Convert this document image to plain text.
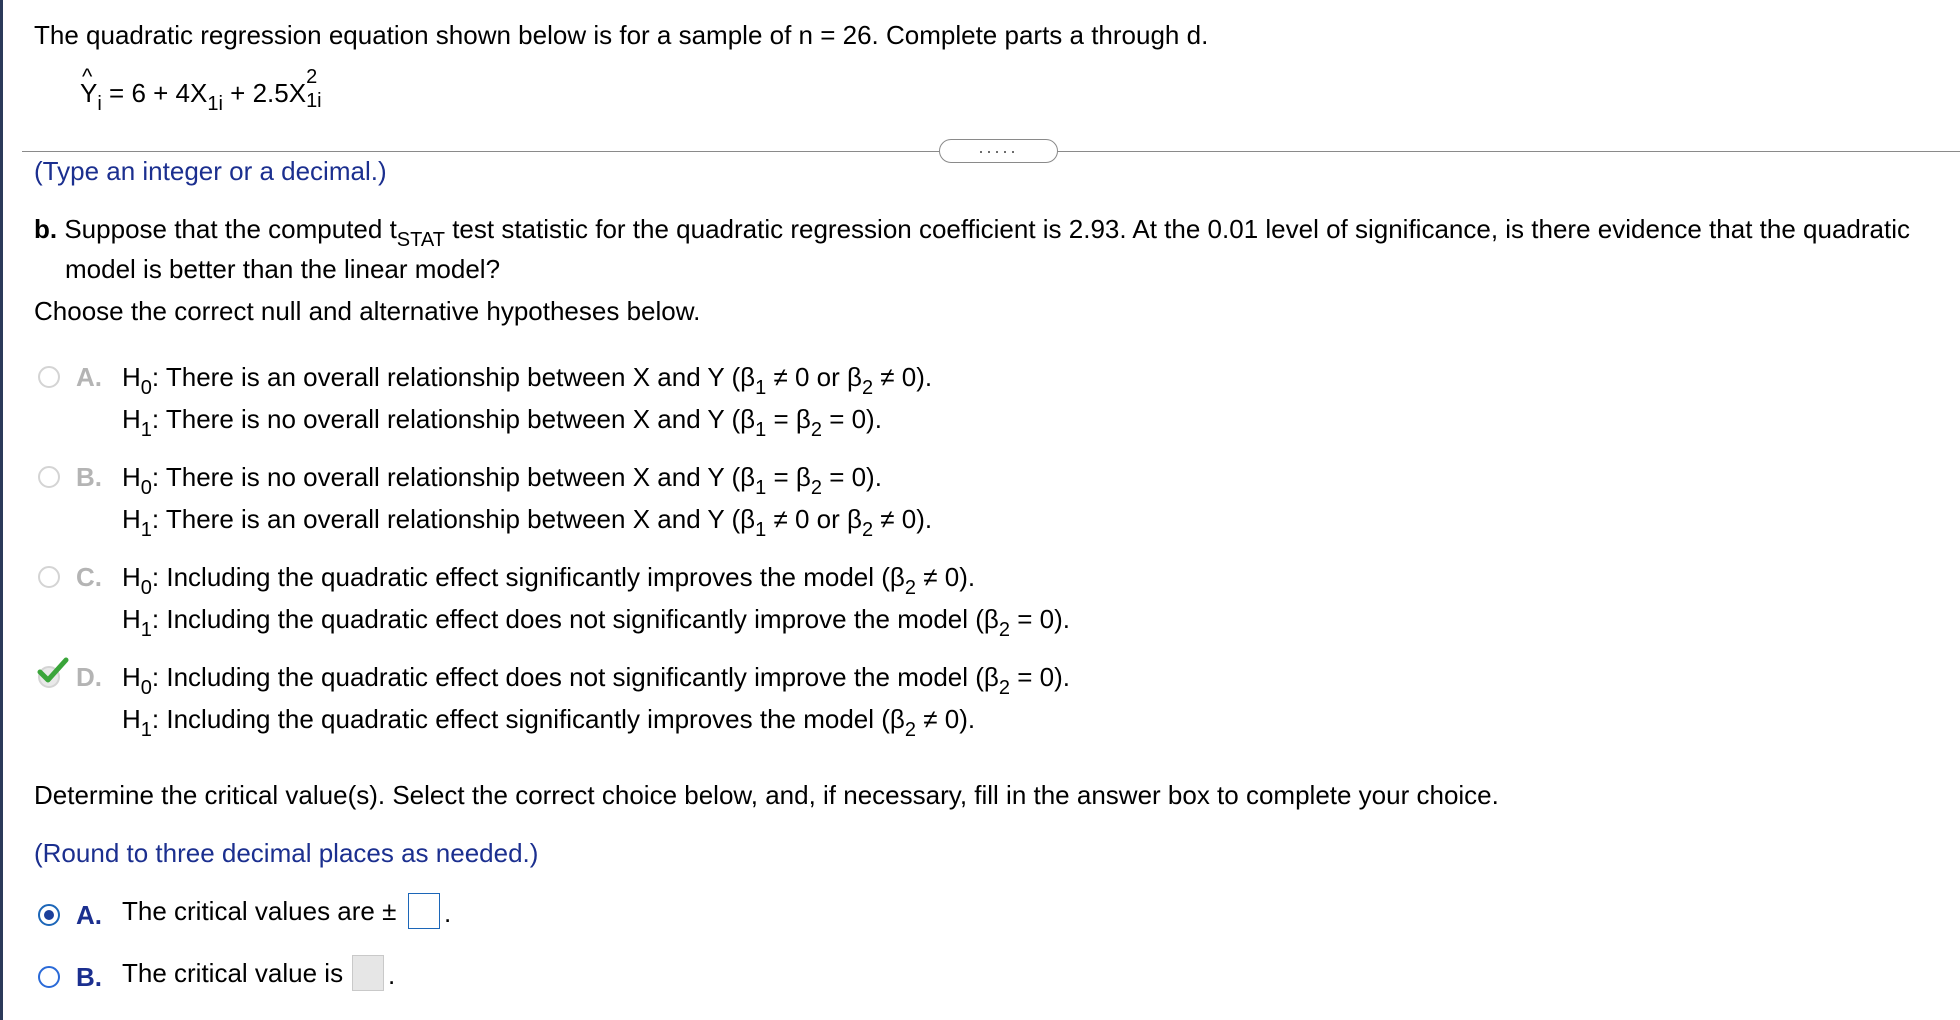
The quadratic regression equation shown below is for a sample of n = 26. Complete parts a through d.
^ $Y_i = 6 + 4X_{1i} + 2.5X$
2
1i
.....
(Type an integer or a decimal.)
b. Suppose that the computed $t_{STAT}$ test statistic for the quadratic regression coefficient is 2.93. At the 0.01 level of significance, is there evidence that the quadratic
model is better than the linear model?
Choose the correct null and alternative hypotheses below.
A. $H_0$: There is an overall relationship between X and Y ($\beta_1 \ne 0$ or $\beta_2 \ne 0$).
$H_1$: There is no overall relationship between X and Y $(\beta_1 = \beta_2 = 0)$.
B. $H_0$: There is no overall relationship between X and Y $(\beta_1 = \beta_2 = 0)$.
$H_1$: There is an overall relationship between X and Y ($\beta_1 \ne 0$ or $\beta_2 \ne 0$).
C. $H_0$: Including the quadratic effect significantly improves the model $(\beta_2 \ne 0)$.
$H_1$: Including the quadratic effect does not significantly improve the model $(\beta_2 = 0)$.
D. $H_0$: Including the quadratic effect does not significantly improve the model $(\beta_2 = 0)$.
$H_1$: Including the quadratic effect significantly improves the model $(\beta_2 \ne 0)$.
Determine the critical value(s). Select the correct choice below, and, if necessary, fill in the answer box to complete your choice.
(Round to three decimal places as needed.)
A. The critical values are ± .
B. The critical value is .
